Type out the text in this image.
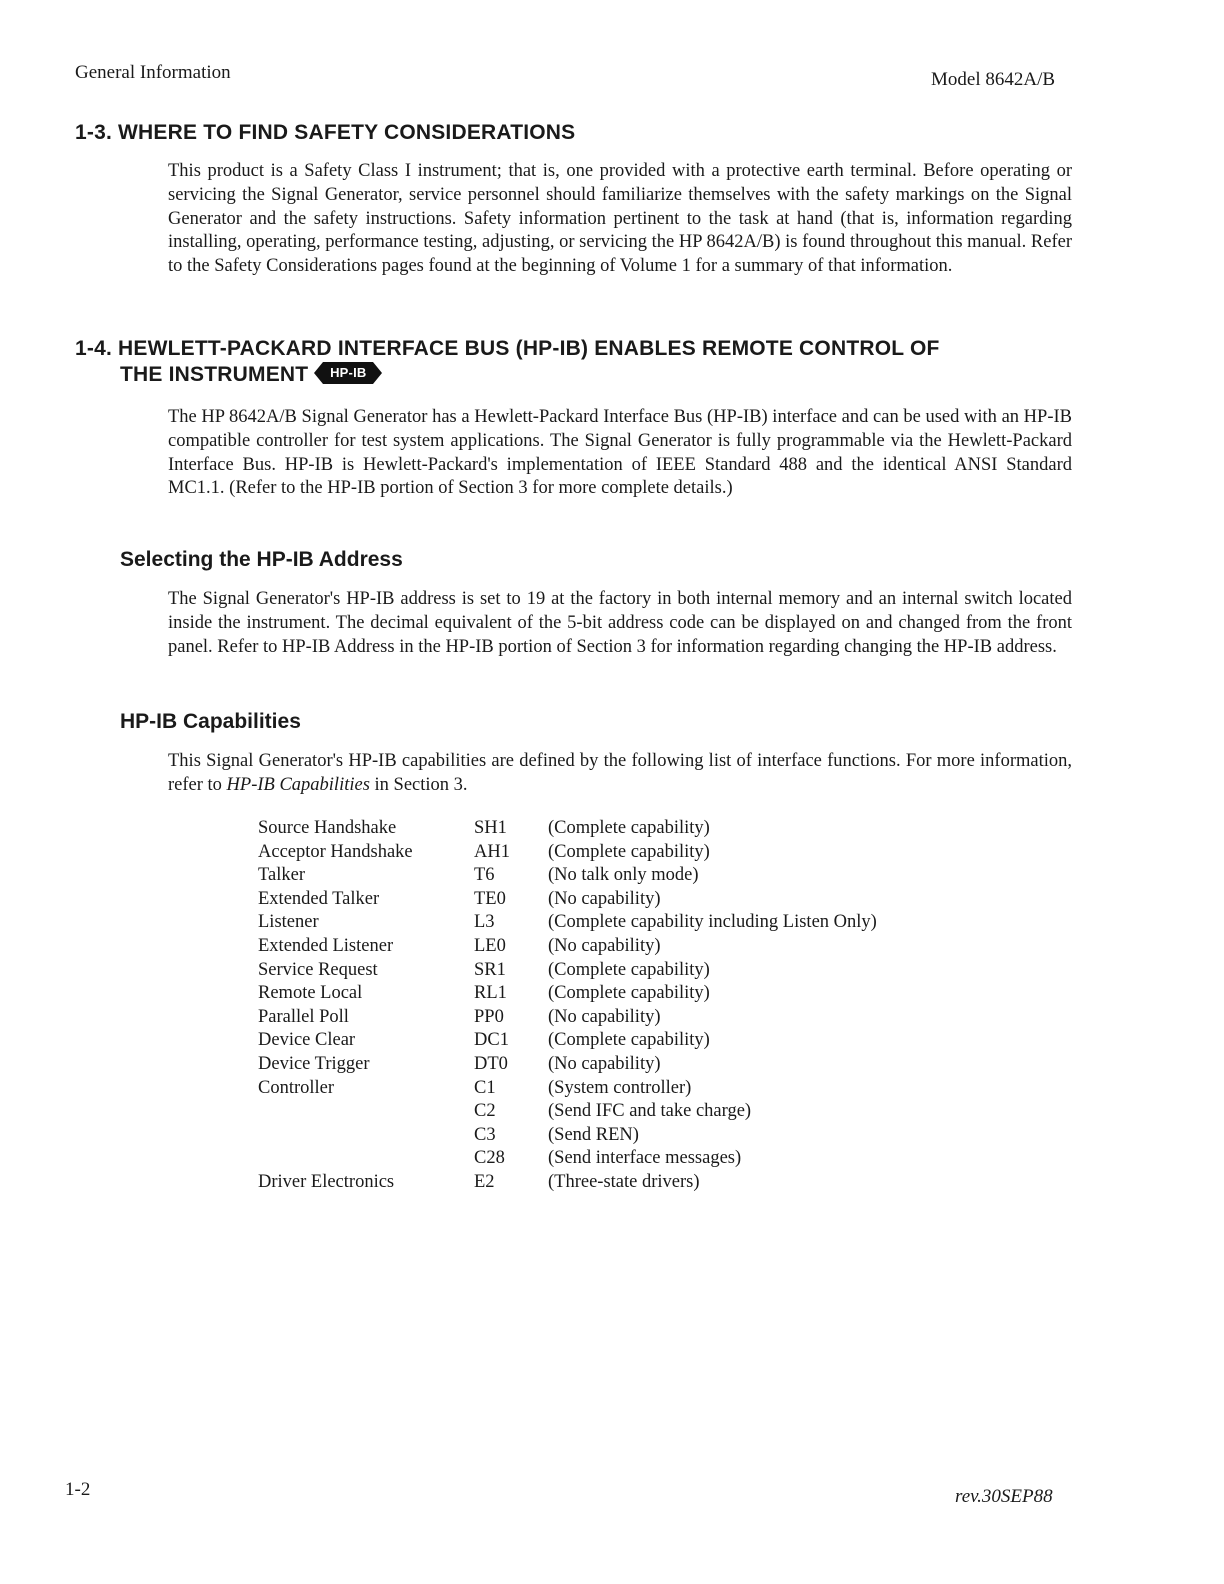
General Information	Model 8642A/B
1-3. WHERE TO FIND SAFETY CONSIDERATIONS
This product is a Safety Class I instrument; that is, one provided with a protective earth terminal. Before operating or servicing the Signal Generator, service personnel should familiarize themselves with the safety markings on the Signal Generator and the safety instructions. Safety information pertinent to the task at hand (that is, information regarding installing, operating, performance testing, adjusting, or servicing the HP 8642A/B) is found throughout this manual. Refer to the Safety Considerations pages found at the beginning of Volume 1 for a summary of that information.
1-4. HEWLETT-PACKARD INTERFACE BUS (HP-IB) ENABLES REMOTE CONTROL OF
THE INSTRUMENT	HP-IB
The HP 8642A/B Signal Generator has a Hewlett-Packard Interface Bus (HP-IB) interface and can be used with an HP-IB compatible controller for test system applications. The Signal Generator is fully programmable via the Hewlett-Packard Interface Bus. HP-IB is Hewlett-Packard's implementation of IEEE Standard 488 and the identical ANSI Standard MC1.1. (Refer to the HP-IB portion of Section 3 for more complete details.)
Selecting the HP-IB Address
The Signal Generator's HP-IB address is set to 19 at the factory in both internal memory and an internal switch located inside the instrument. The decimal equivalent of the 5-bit address code can be displayed on and changed from the front panel. Refer to HP-IB Address in the HP-IB portion of Section 3 for information regarding changing the HP-IB address.
HP-IB Capabilities
This Signal Generator's HP-IB capabilities are defined by the following list of interface functions. For more information, refer to HP-IB Capabilities in Section 3.
Source Handshake	SH1	(Complete capability)
Acceptor Handshake	AH1	(Complete capability)
Talker	T6	(No talk only mode)
Extended Talker	TE0	(No capability)
Listener	L3	(Complete capability including Listen Only)
Extended Listener	LE0	(No capability)
Service Request	SR1	(Complete capability)
Remote Local	RL1	(Complete capability)
Parallel Poll	PP0	(No capability)
Device Clear	DC1	(Complete capability)
Device Trigger	DT0	(No capability)
Controller	C1	(System controller)
	C2	(Send IFC and take charge)
	C3	(Send REN)
	C28	(Send interface messages)
Driver Electronics	E2	(Three-state drivers)
1-2	rev.30SEP88
